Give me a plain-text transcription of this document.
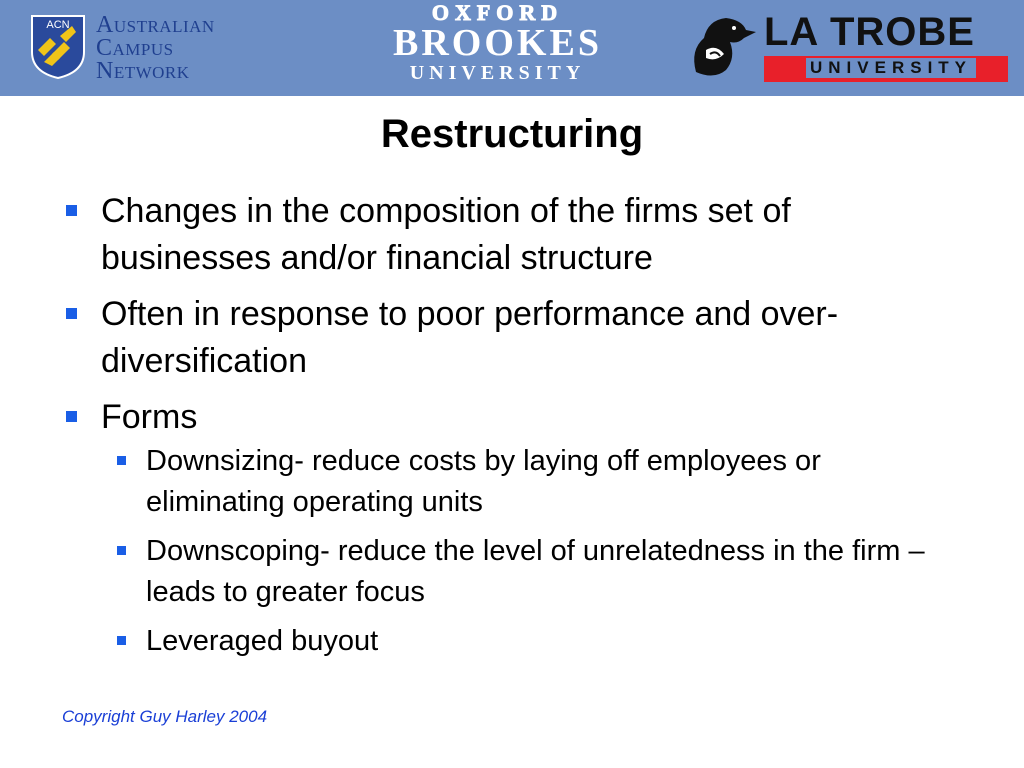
ACN Australian
Campus
Network
OXFORD
BROOKES
UNIVERSITY
LA TROBE
UNIVERSITY
Restructuring
Changes in the composition of the firms set of businesses and/or financial structure
Often in response to poor performance and over-diversification
Forms
Downsizing- reduce costs by laying off employees or eliminating operating units
Downscoping- reduce the level of unrelatedness in the firm –leads to greater focus
Leveraged buyout
Copyright Guy Harley 2004
